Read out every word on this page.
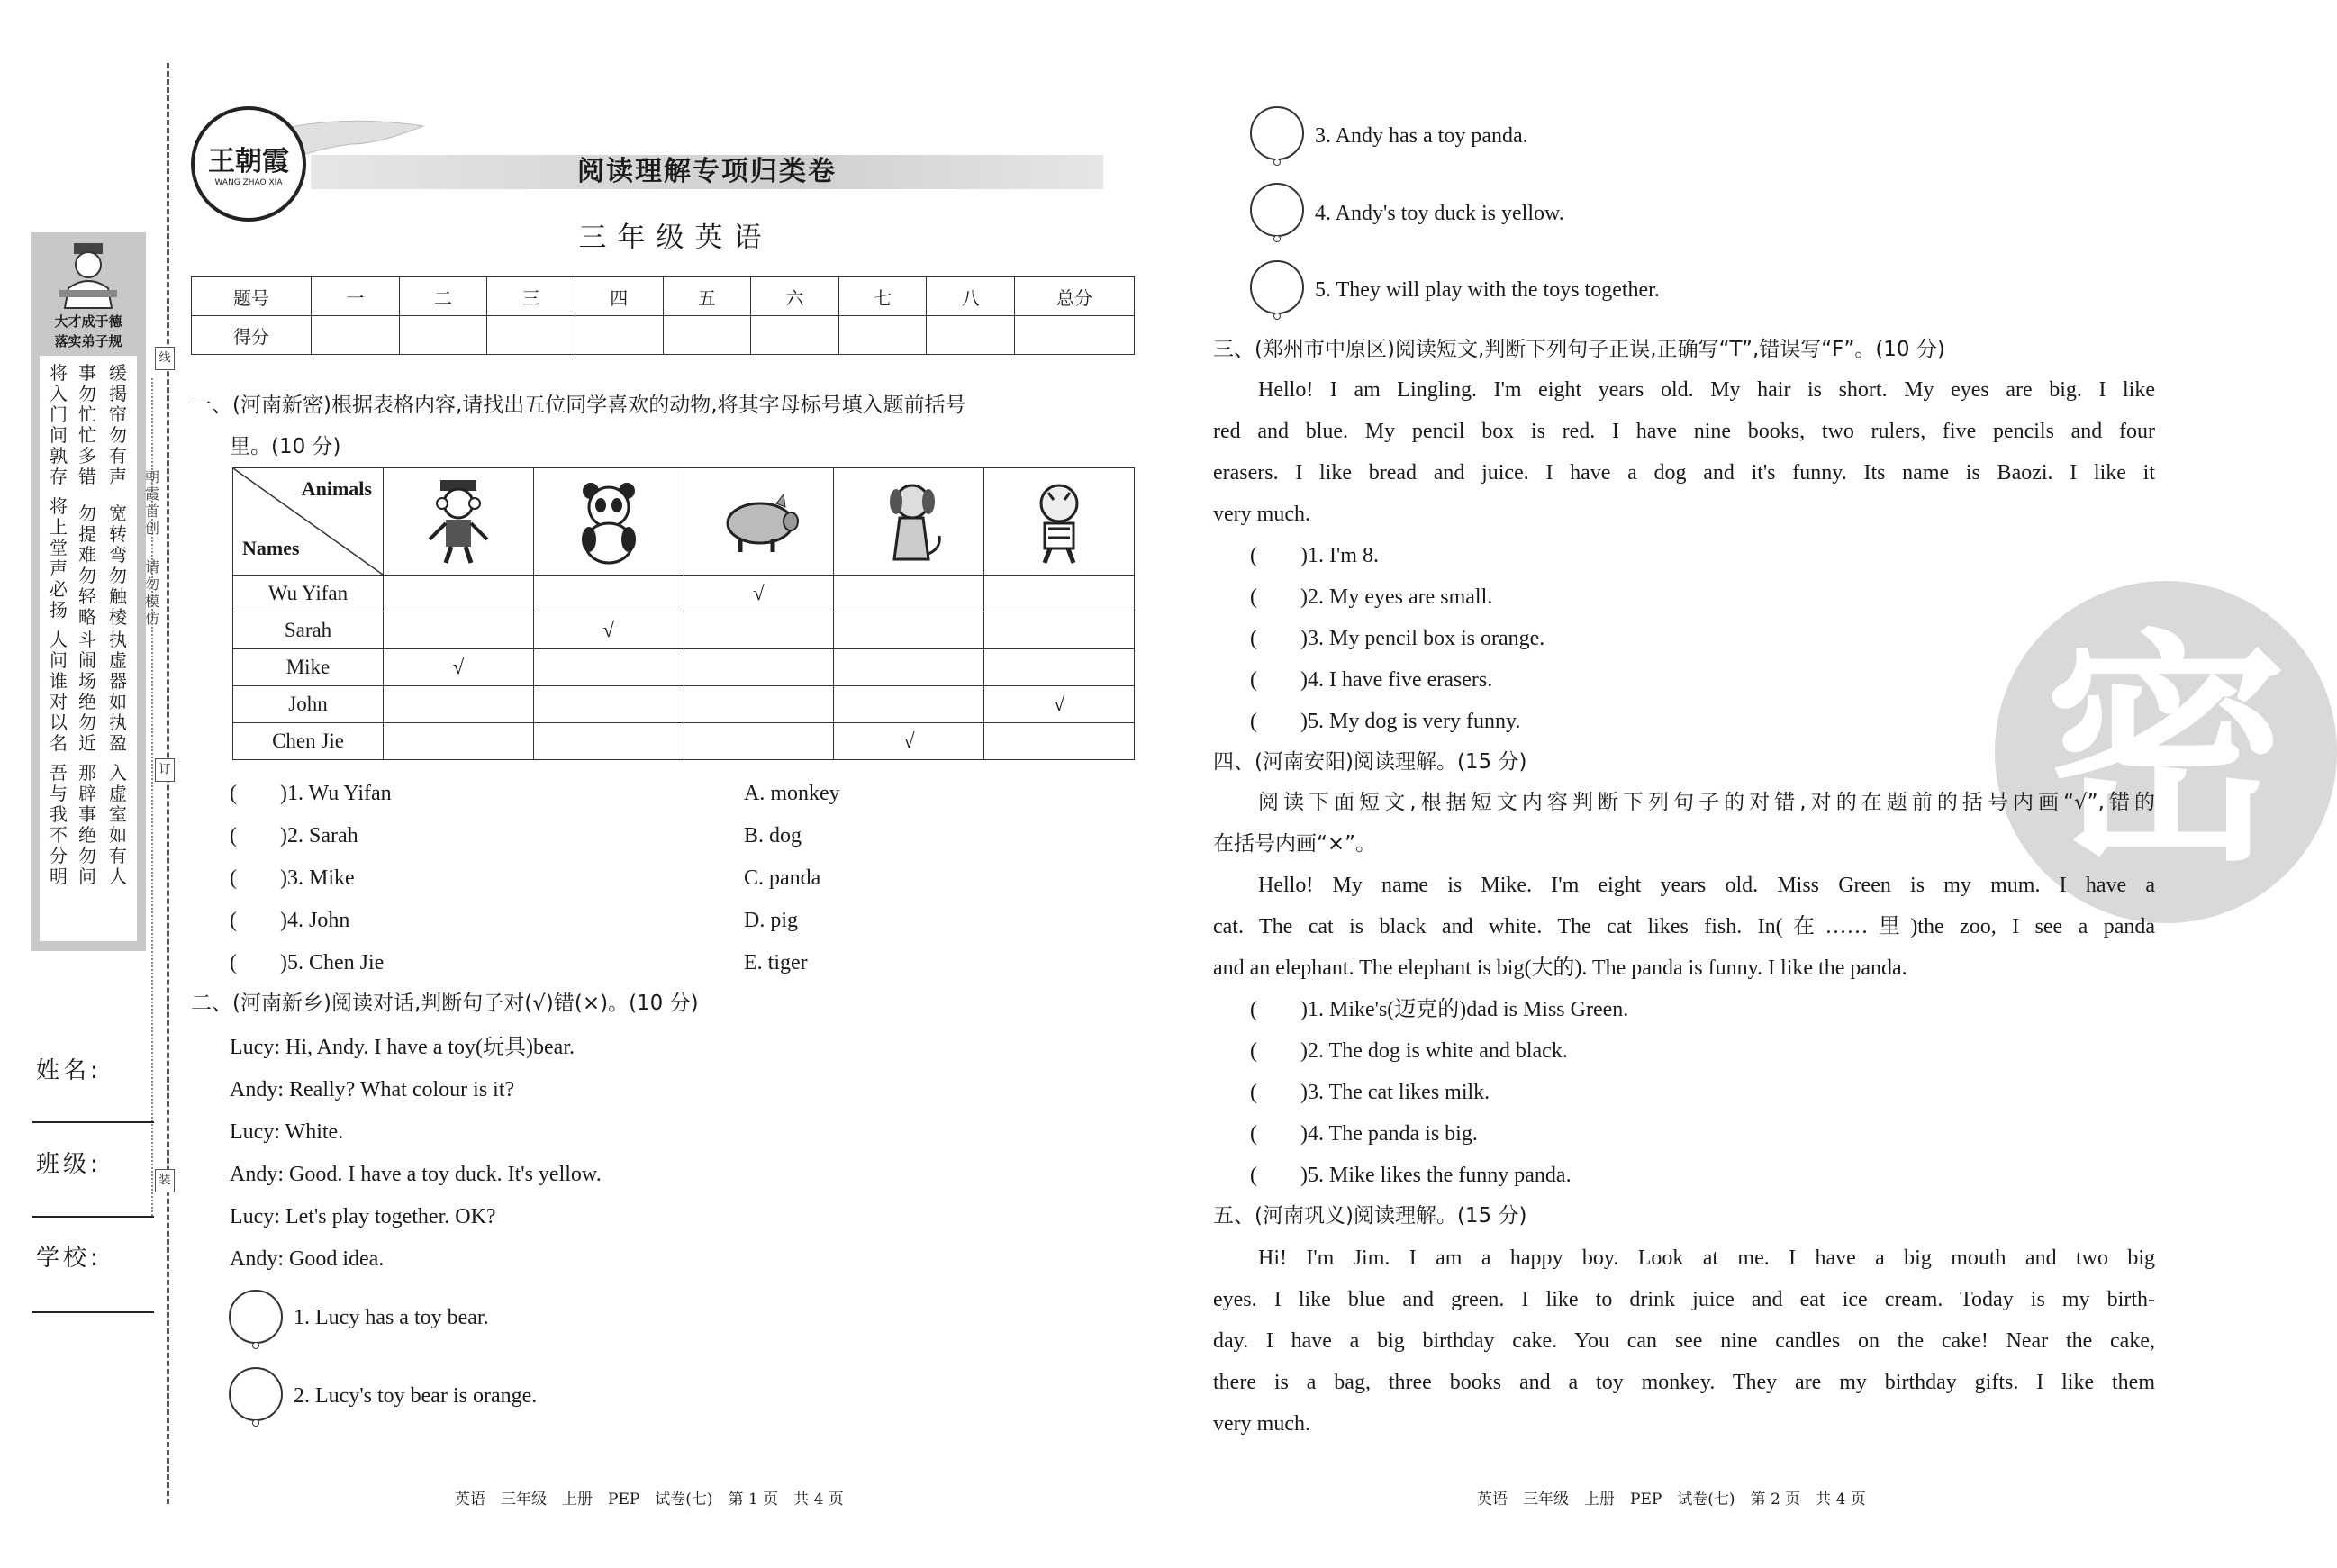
大才成于德
落实弟子规
将入门问孰存
将上堂声必扬
人问谁对以名
吾与我不分明
事勿忙忙多错
勿提难勿轻略
斗闹场绝勿近
那辟事绝勿问
缓揭帘勿有声
宽转弯勿触棱
执虚器如执盈
入虚室如有人
线
朝霞首创
请勿模仿
订
装
姓名:
班级:
学校:
王朝霞
WANG ZHAO XIA	阅读理解专项归类卷
三年级英语
题号	一	二	三	四	五	六	七	八	总分
得分									
一、(河南新密)根据表格内容,请找出五位同学喜欢的动物,将其字母标号填入题前括号
里。(10 分)
Animals
Names

Wu Yifan			√		
Sarah		√			
Mike	√				
John					√
Chen Jie				√	
(　　)1. Wu Yifan
(　　)2. Sarah
(　　)3. Mike
(　　)4. John
(　　)5. Chen Jie
A. monkey
B. dog
C. panda
D. pig
E. tiger
二、(河南新乡)阅读对话,判断句子对(√)错(×)。(10 分)
Lucy: Hi, Andy. I have a toy(玩具)bear.
Andy: Really? What colour is it?
Lucy: White.
Andy: Good. I have a toy duck. It's yellow.
Lucy: Let's play together. OK?
Andy: Good idea.
1. Lucy has a toy bear.
2. Lucy's toy bear is orange.
3. Andy has a toy panda.
4. Andy's toy duck is yellow.
5. They will play with the toys together.
密
三、(郑州市中原区)阅读短文,判断下列句子正误,正确写“T”,错误写“F”。(10 分)
Hello! I am Lingling. I'm eight years old. My hair is short. My eyes are big. I like
red and blue. My pencil box is red. I have nine books, two rulers, five pencils and four
erasers. I like bread and juice. I have a dog and it's funny. Its name is Baozi. I like it
very much.
(　　)1. I'm 8.
(　　)2. My eyes are small.
(　　)3. My pencil box is orange.
(　　)4. I have five erasers.
(　　)5. My dog is very funny.
四、(河南安阳)阅读理解。(15 分)
阅读下面短文,根据短文内容判断下列句子的对错,对的在题前的括号内画“√”,错的
在括号内画“×”。
Hello! My name is Mike. I'm eight years old. Miss Green is my mum. I have a
cat. The cat is black and white. The cat likes fish. In(在……里)the zoo, I see a panda
and an elephant. The elephant is big(大的). The panda is funny. I like the panda.
(　　)1. Mike's(迈克的)dad is Miss Green.
(　　)2. The dog is white and black.
(　　)3. The cat likes milk.
(　　)4. The panda is big.
(　　)5. Mike likes the funny panda.
五、(河南巩义)阅读理解。(15 分)
Hi! I'm Jim. I am a happy boy. Look at me. I have a big mouth and two big
eyes. I like blue and green. I like to drink juice and eat ice cream. Today is my birth-
day. I have a big birthday cake. You can see nine candles on the cake! Near the cake,
there is a bag, three books and a toy monkey. They are my birthday gifts. I like them
very much.
英语　三年级　上册　PEP　试卷(七)　第 1 页　共 4 页	英语　三年级　上册　PEP　试卷(七)　第 2 页　共 4 页
